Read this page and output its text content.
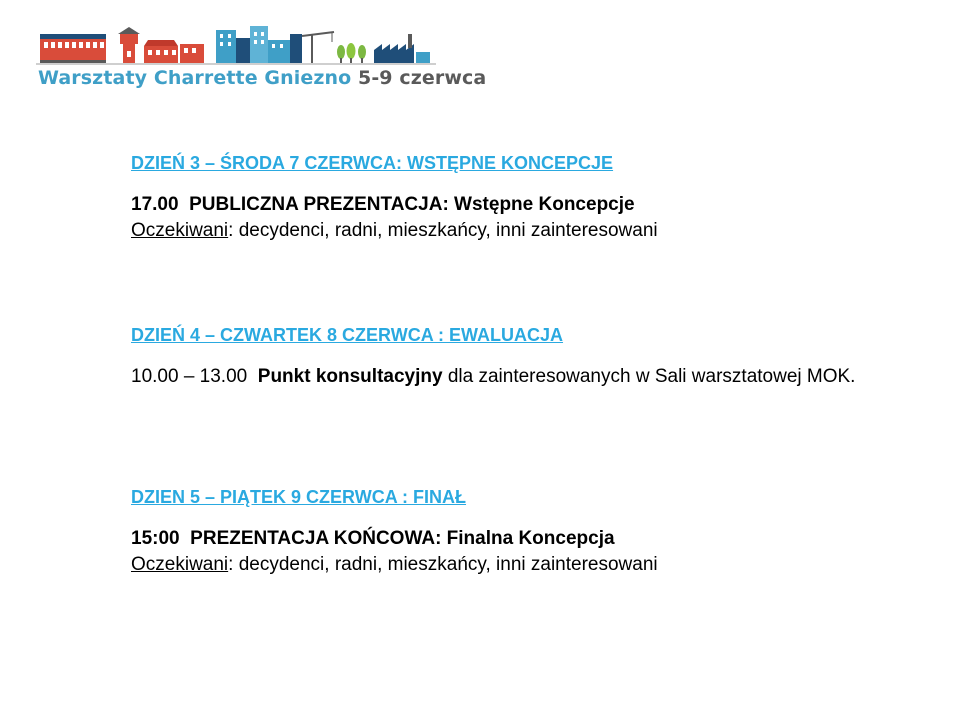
Warsztaty Charrette Gniezno 5-9 czerwca
DZIEŃ 3 – ŚRODA 7 CZERWCA: WSTĘPNE KONCEPCJE
17.00 PUBLICZNA PREZENTACJA: Wstępne Koncepcje
Oczekiwani: decydenci, radni, mieszkańcy, inni zainteresowani
DZIEŃ 4 – CZWARTEK 8 CZERWCA : EWALUACJA
10.00 – 13.00 Punkt konsultacyjny dla zainteresowanych w Sali warsztatowej MOK.
DZIEN 5 – PIĄTEK 9 CZERWCA : FINAŁ
15:00 PREZENTACJA KOŃCOWA: Finalna Koncepcja
Oczekiwani: decydenci, radni, mieszkańcy, inni zainteresowani
